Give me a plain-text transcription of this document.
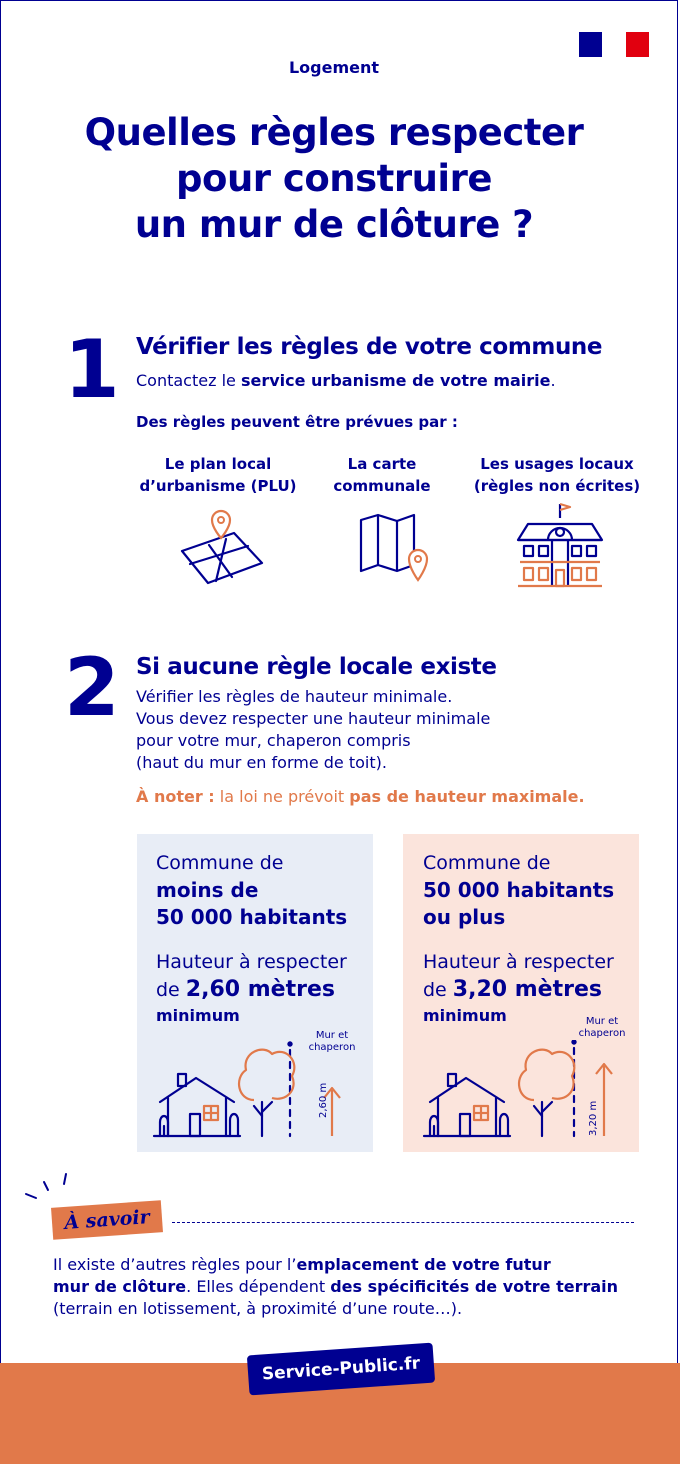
Logement
Quelles règles respecter
pour construire
un mur de clôture ?
1 Vérifier les règles de votre commune
Contactez le service urbanisme de votre mairie.
Des règles peuvent être prévues par :
Le plan local
d’urbanisme (PLU)
La carte
communale
Les usages locaux
(règles non écrites)
2 Si aucune règle locale existe
Vérifier les règles de hauteur minimale.
Vous devez respecter une hauteur minimale
pour votre mur, chaperon compris
(haut du mur en forme de toit).
À noter : la loi ne prévoit pas de hauteur maximale.
Commune de
moins de
50 000 habitants
Hauteur à respecter
de 2,60 mètres
minimum
Mur et
chaperon
2,60 m
Commune de
50 000 habitants
ou plus
Hauteur à respecter
de 3,20 mètres
minimum	Mur et
chaperon
3,20 m
À savoir
Il existe d’autres règles pour l’emplacement de votre futur
mur de clôture. Elles dépendent des spécificités de votre terrain
(terrain en lotissement, à proximité d’une route…).
Service-Public.fr
